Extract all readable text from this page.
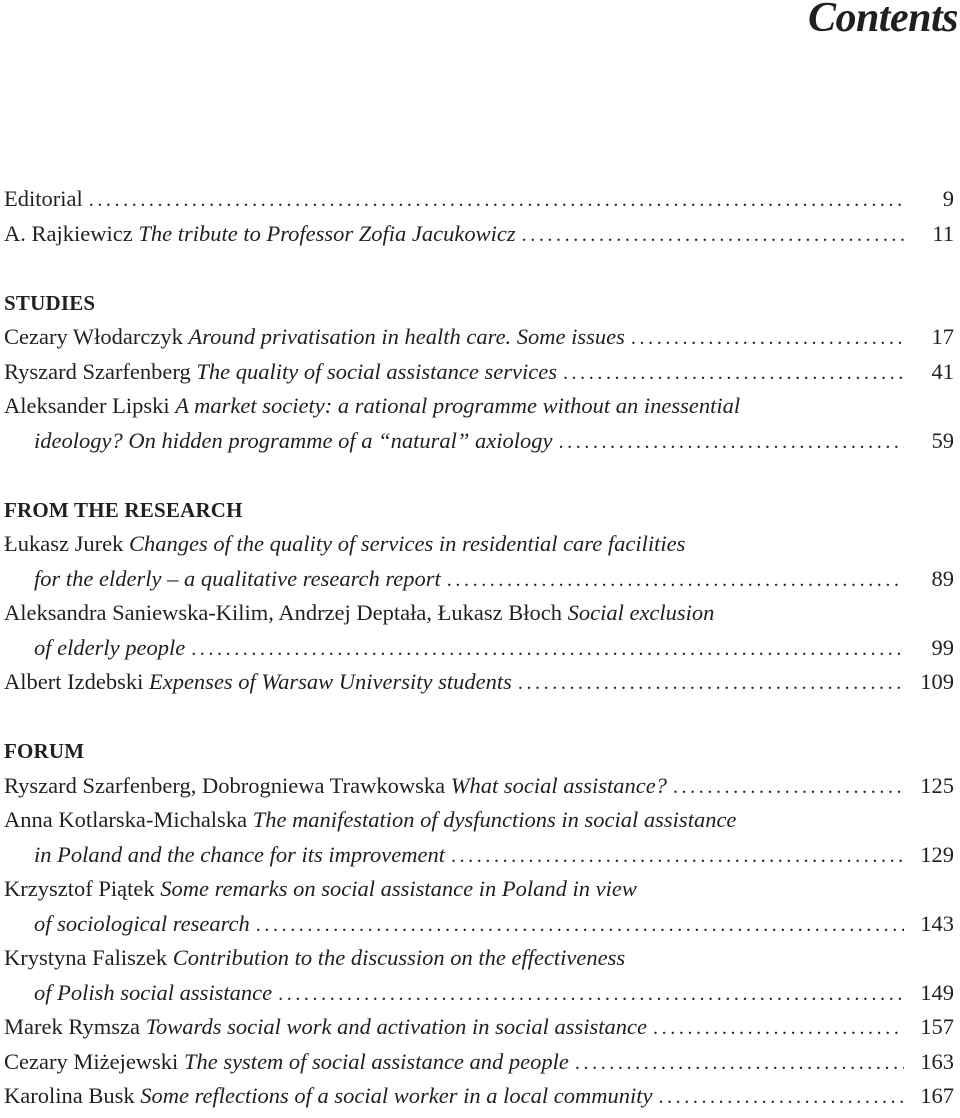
Contents
Editorial .....	9
A. Rajkiewicz The tribute to Professor Zofia Jacukowicz .....	11
STUDIES
Cezary Włodarczyk Around privatisation in health care. Some issues .....	17
Ryszard Szarfenberg The quality of social assistance services .....	41
Aleksander Lipski A market society: a rational programme without an inessential
ideology? On hidden programme of a “natural” axiology .....	59
FROM THE RESEARCH
Łukasz Jurek Changes of the quality of services in residential care facilities
for the elderly – a qualitative research report .....	89
Aleksandra Saniewska-Kilim, Andrzej Deptała, Łukasz Błoch Social exclusion
of elderly people .....	99
Albert Izdebski Expenses of Warsaw University students .....	109
FORUM
Ryszard Szarfenberg, Dobrogniewa Trawkowska What social assistance? .....	125
Anna Kotlarska-Michalska The manifestation of dysfunctions in social assistance
in Poland and the chance for its improvement .....	129
Krzysztof Piątek Some remarks on social assistance in Poland in view
of sociological research .....	143
Krystyna Faliszek Contribution to the discussion on the effectiveness
of Polish social assistance .....	149
Marek Rymsza Towards social work and activation in social assistance .....	157
Cezary Miżejewski The system of social assistance and people .....	163
Karolina Busk Some reflections of a social worker in a local community .....	167
